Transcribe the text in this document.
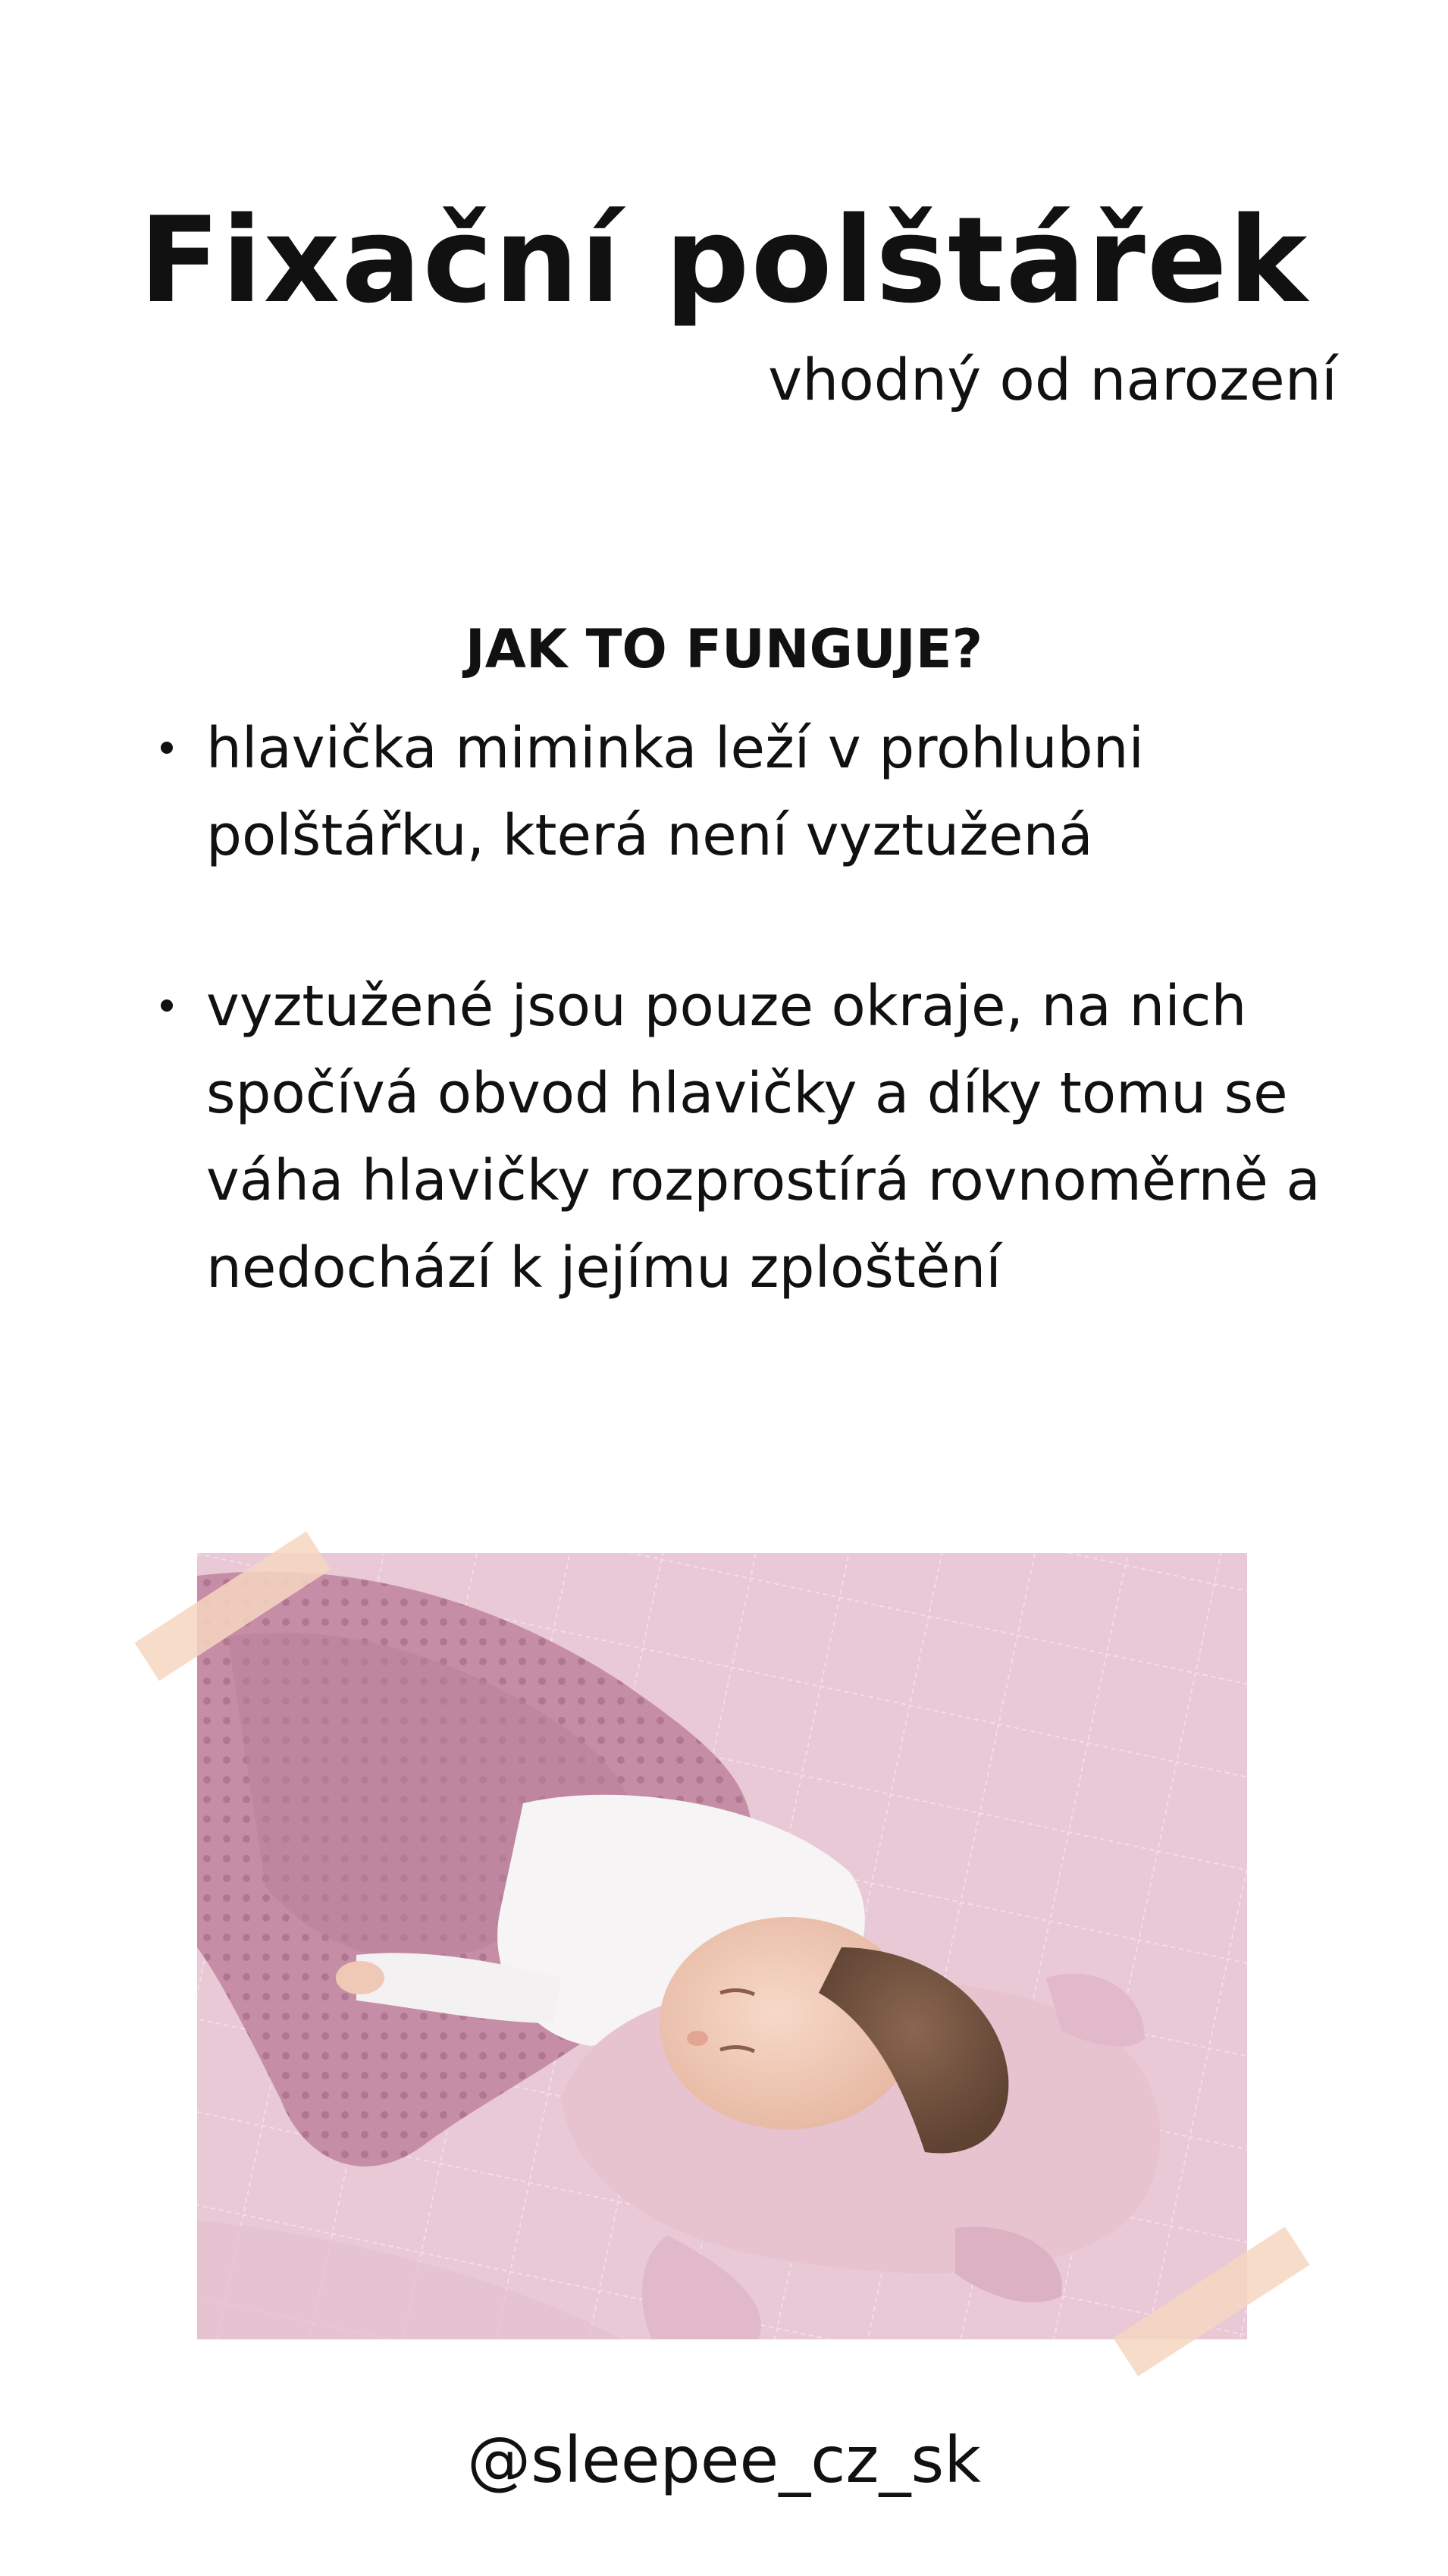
Fixační polštářek

vhodný od narození

JAK TO FUNGUJE?
hlavička miminka leží v prohlubni polštářku, která není vyztužená
vyztužené jsou pouze okraje, na nich spočívá obvod hlavičky a díky tomu se váha hlavičky rozprostírá rovnoměrně a nedochází k jejímu zploštění

@sleepee_cz_sk
